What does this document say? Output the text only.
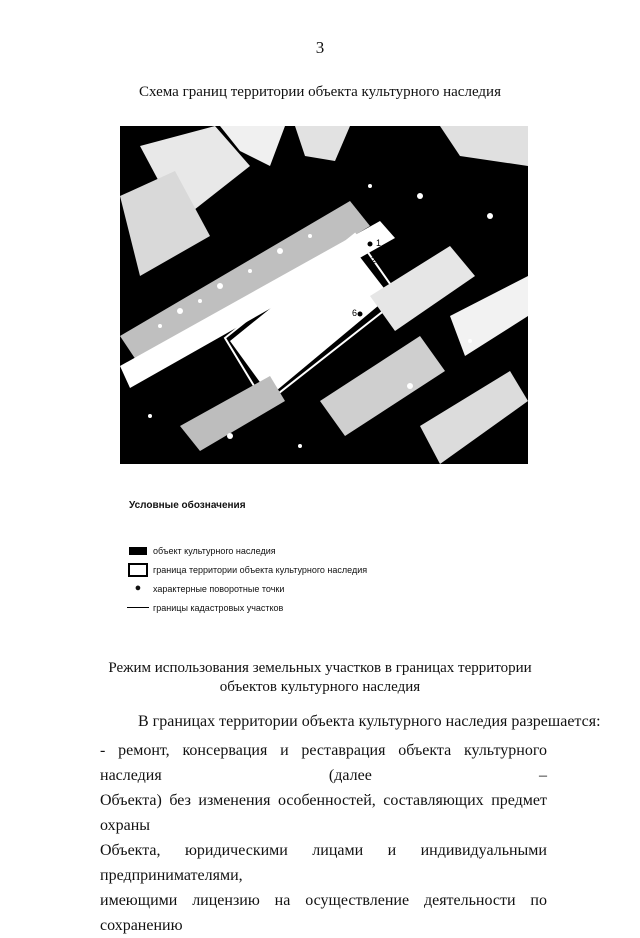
3
Схема границ территории объекта культурного наследия
1
2
6
Условные обозначения
объект культурного наследия
граница территории объекта культурного наследия
● характерные поворотные точки
границы кадастровых участков
Режим использования земельных участков в границах территории объектов культурного наследия
В границах территории объекта культурного наследия разрешается:
- ремонт, консервация и реставрация объекта культурного наследия (далее –
Объекта) без изменения особенностей, составляющих предмет охраны
Объекта, юридическими лицами и индивидуальными предпринимателями,
имеющими лицензию на осуществление деятельности по сохранению
